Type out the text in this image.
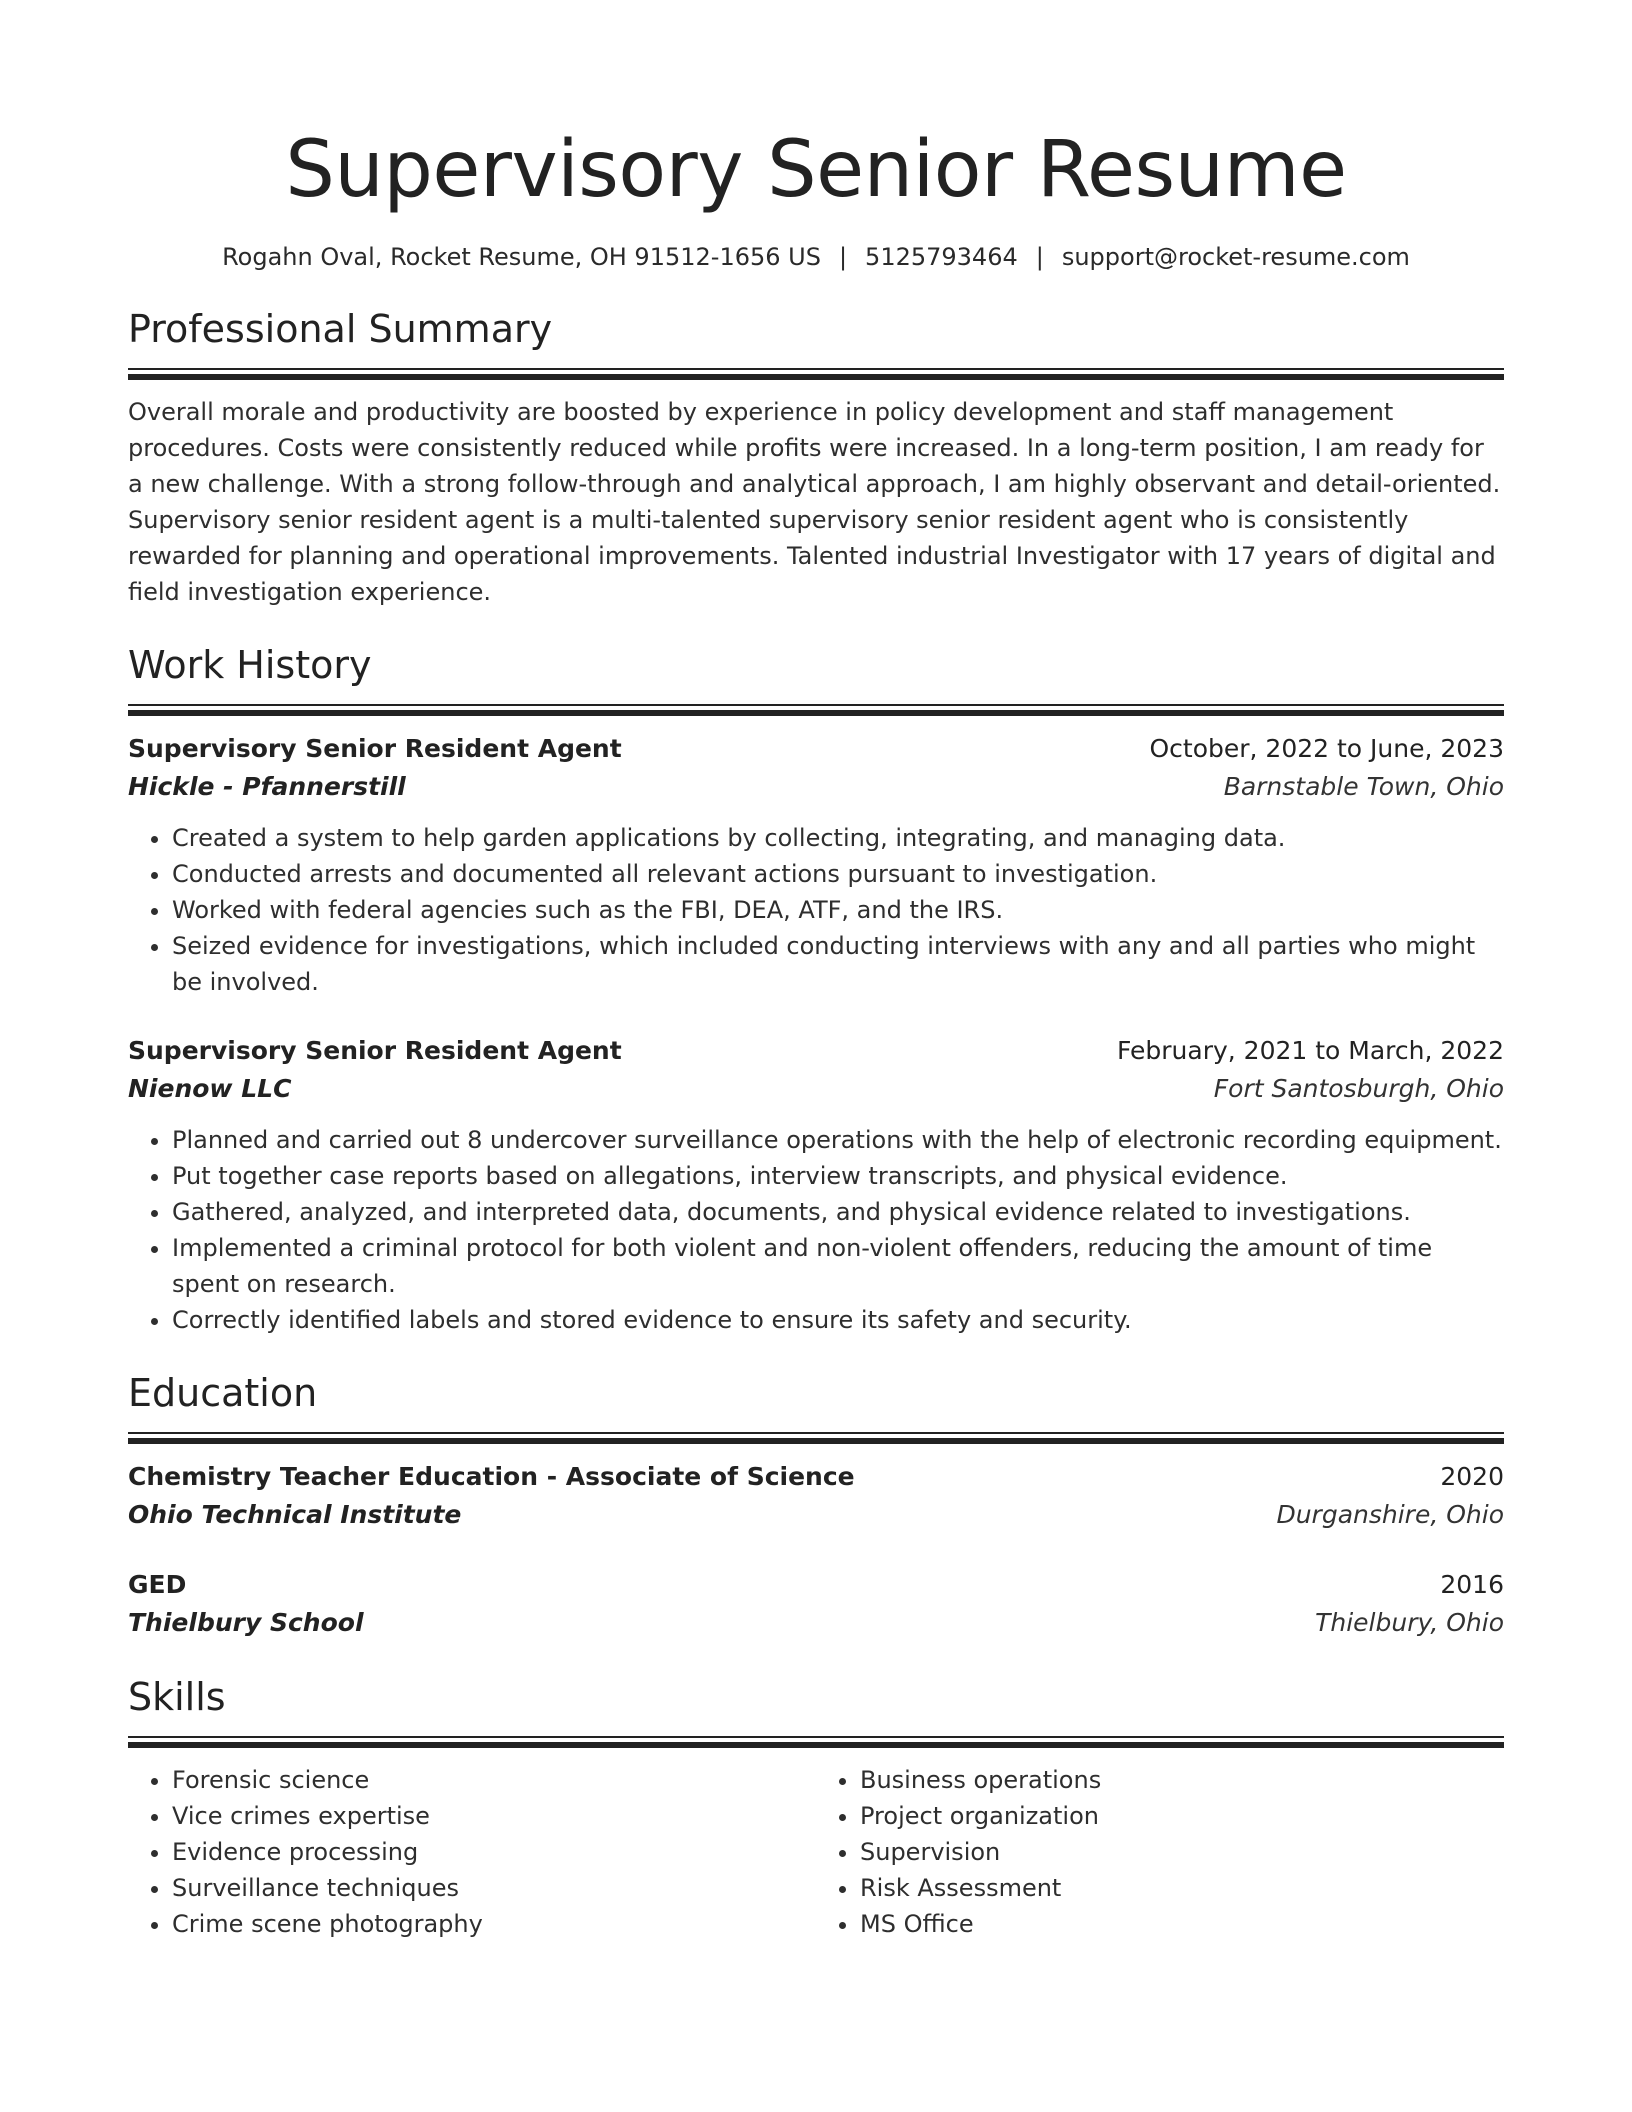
Supervisory Senior Resume
Rogahn Oval, Rocket Resume, OH 91512-1656 US | 5125793464 | support@rocket-resume.com
Professional Summary

Overall morale and productivity are boosted by experience in policy development and staff management procedures. Costs were consistently reduced while profits were increased. In a long-term position, I am ready for a new challenge. With a strong follow-through and analytical approach, I am highly observant and detail-oriented. Supervisory senior resident agent is a multi-talented supervisory senior resident agent who is consistently rewarded for planning and operational improvements. Talented industrial Investigator with 17 years of digital and field investigation experience.

Work History
Supervisory Senior Resident Agent	October, 2022 to June, 2023
Hickle - Pfannerstill	Barnstable Town, Ohio
• Created a system to help garden applications by collecting, integrating, and managing data.
• Conducted arrests and documented all relevant actions pursuant to investigation.
• Worked with federal agencies such as the FBI, DEA, ATF, and the IRS.
• Seized evidence for investigations, which included conducting interviews with any and all parties who might be involved.
Supervisory Senior Resident Agent	February, 2021 to March, 2022
Nienow LLC	Fort Santosburgh, Ohio
• Planned and carried out 8 undercover surveillance operations with the help of electronic recording equipment.
• Put together case reports based on allegations, interview transcripts, and physical evidence.
• Gathered, analyzed, and interpreted data, documents, and physical evidence related to investigations.
• Implemented a criminal protocol for both violent and non-violent offenders, reducing the amount of time spent on research.
• Correctly identified labels and stored evidence to ensure its safety and security.
Education
Chemistry Teacher Education - Associate of Science	2020
Ohio Technical Institute	Durganshire, Ohio
GED	2016
Thielbury School	Thielbury, Ohio
Skills
• Forensic science
• Vice crimes expertise
• Evidence processing
• Surveillance techniques
• Crime scene photography
• Business operations
• Project organization
• Supervision
• Risk Assessment
• MS Office
